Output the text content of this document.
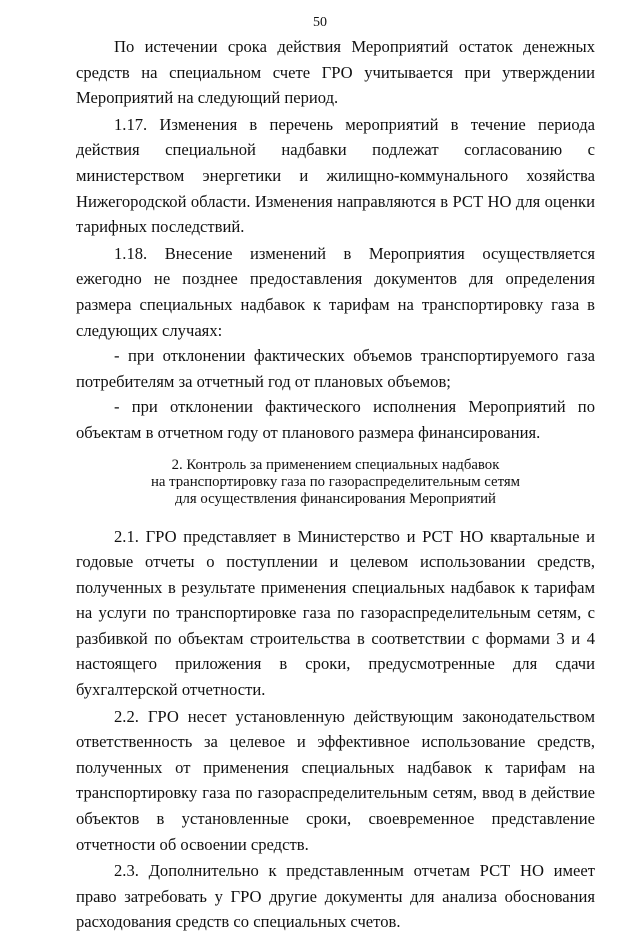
50

По истечении срока действия Мероприятий остаток денежных средств на специальном счете ГРО учитывается при утверждении Мероприятий на следующий период.

1.17. Изменения в перечень мероприятий в течение периода действия специальной надбавки подлежат согласованию с министерством энергетики и жилищно-коммунального хозяйства Нижегородской области. Изменения направляются в РСТ НО для оценки тарифных последствий.

1.18. Внесение изменений в Мероприятия осуществляется ежегодно не позднее предоставления документов для определения размера специальных надбавок к тарифам на транспортировку газа в следующих случаях:

- при отклонении фактических объемов транспортируемого газа потребителям за отчетный год от плановых объемов;

- при отклонении фактического исполнения Мероприятий по объектам в отчетном году от планового размера финансирования.

2. Контроль за применением специальных надбавок
на транспортировку газа по газораспределительным сетям
для осуществления финансирования Мероприятий

2.1. ГРО представляет в Министерство и РСТ НО квартальные и годовые отчеты о поступлении и целевом использовании средств, полученных в результате применения специальных надбавок к тарифам на услуги по транспортировке газа по газораспределительным сетям, с разбивкой по объектам строительства в соответствии с формами 3 и 4 настоящего приложения в сроки, предусмотренные для сдачи бухгалтерской отчетности.

2.2. ГРО несет установленную действующим законодательством ответственность за целевое и эффективное использование средств, полученных от применения специальных надбавок к тарифам на транспортировку газа по газораспределительным сетям, ввод в действие объектов в установленные сроки, своевременное представление отчетности об освоении средств.

2.3. Дополнительно к представленным отчетам РСТ НО имеет право затребовать у ГРО другие документы для анализа обоснования расходования средств со специальных счетов.
